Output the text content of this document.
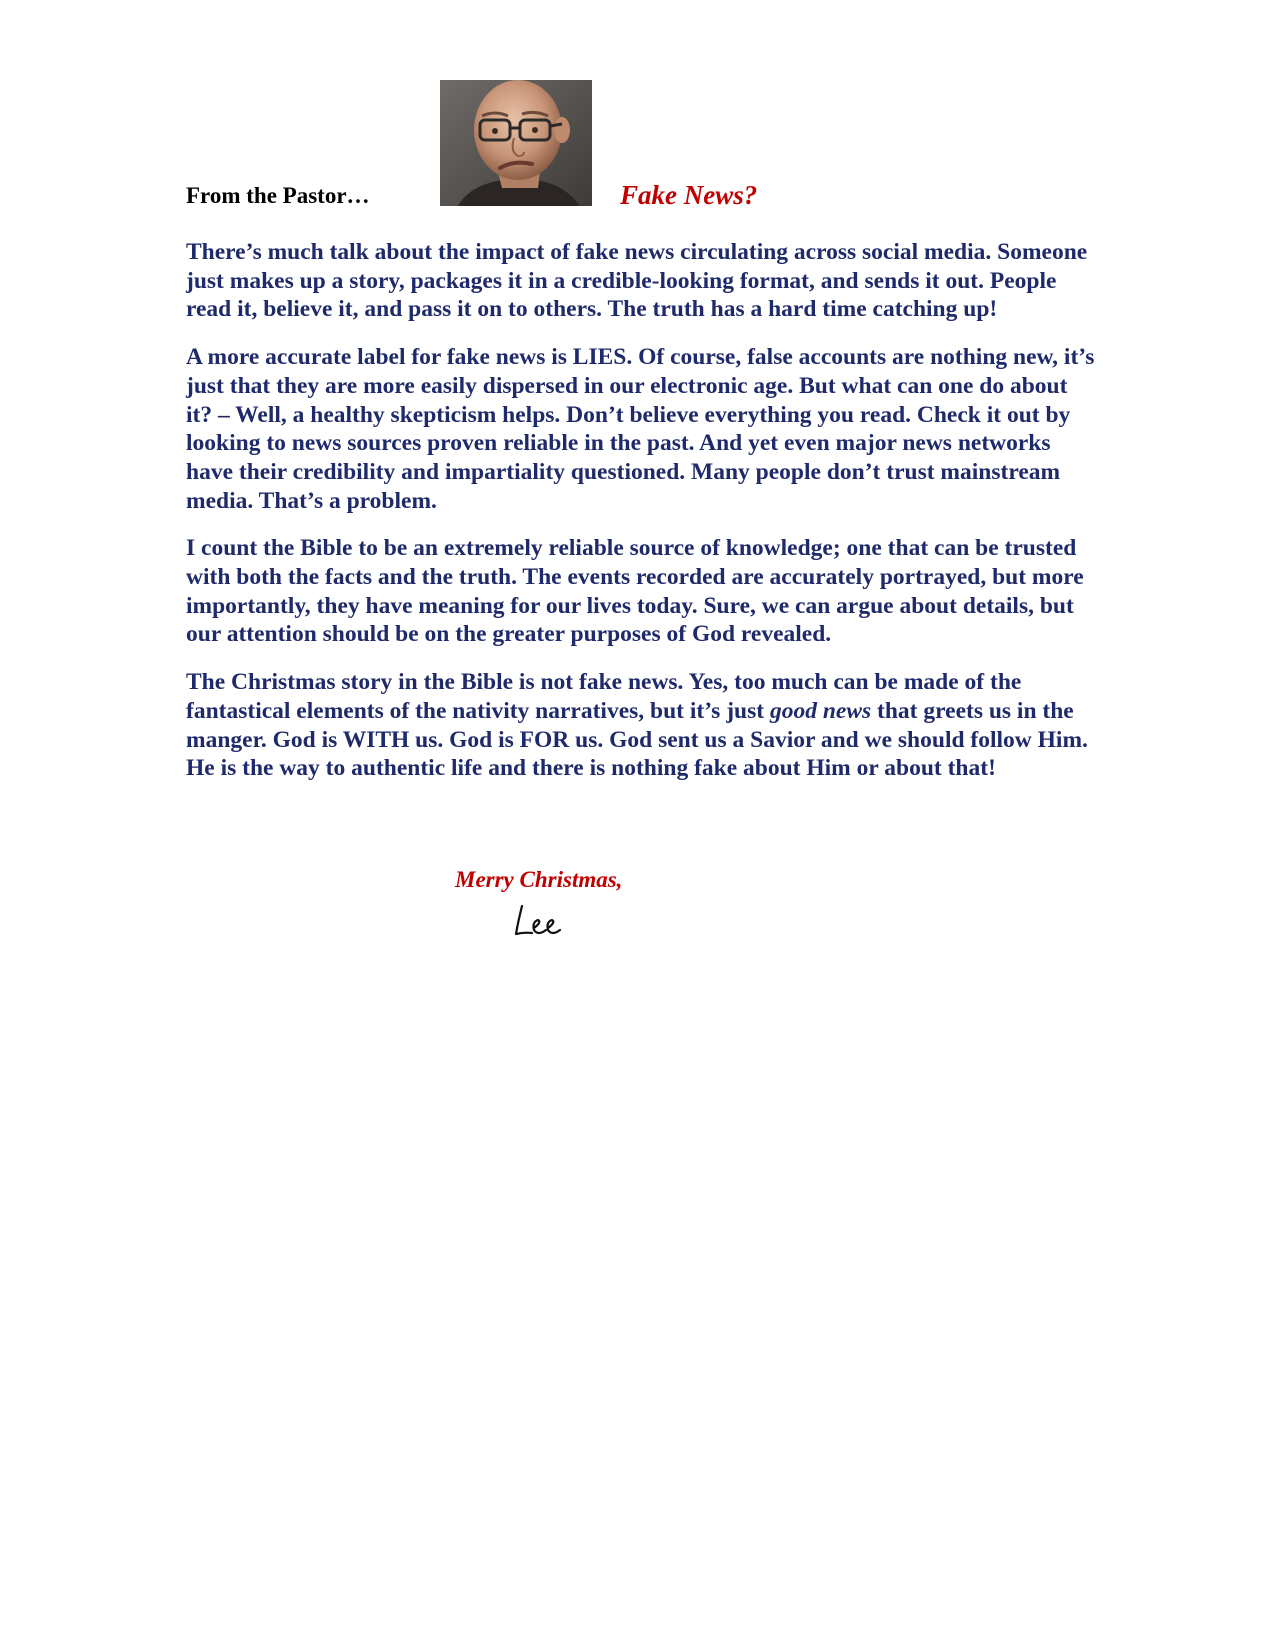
From the Pastor…	Fake News?

There’s much talk about the impact of fake news circulating across social media. Someone just makes up a story, packages it in a credible-looking format, and sends it out. People read it, believe it, and pass it on to others. The truth has a hard time catching up!

A more accurate label for fake news is LIES. Of course, false accounts are nothing new, it’s just that they are more easily dispersed in our electronic age. But what can one do about it? – Well, a healthy skepticism helps. Don’t believe everything you read. Check it out by looking to news sources proven reliable in the past. And yet even major news networks have their credibility and impartiality questioned. Many people don’t trust mainstream media. That’s a problem.

I count the Bible to be an extremely reliable source of knowledge; one that can be trusted with both the facts and the truth. The events recorded are accurately portrayed, but more importantly, they have meaning for our lives today. Sure, we can argue about details, but our attention should be on the greater purposes of God revealed.

The Christmas story in the Bible is not fake news. Yes, too much can be made of the fantastical elements of the nativity narratives, but it’s just good news that greets us in the manger. God is WITH us. God is FOR us. God sent us a Savior and we should follow Him. He is the way to authentic life and there is nothing fake about Him or about that!

Merry Christmas,
